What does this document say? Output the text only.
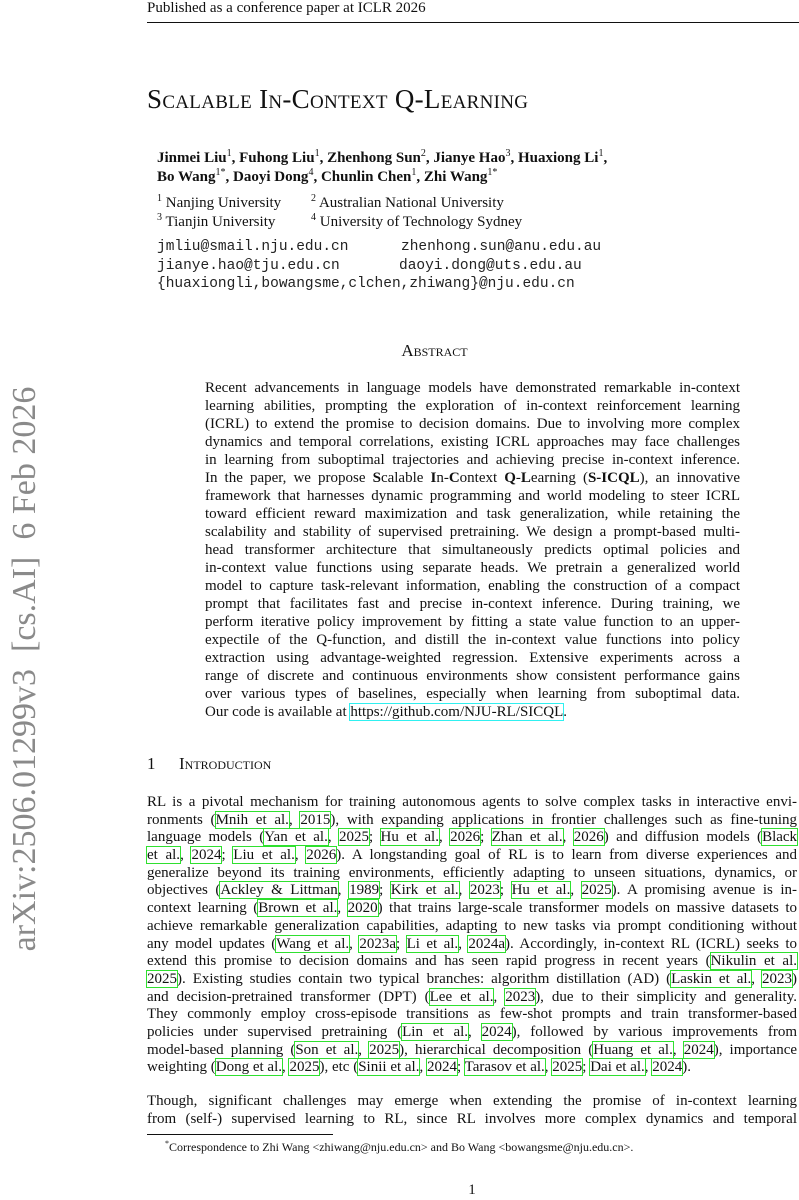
arXiv:2506.01299v3  [cs.AI]  6 Feb 2026
Published as a conference paper at ICLR 2026
Scalable In-Context Q-Learning
Jinmei Liu$^1$, Fuhong Liu$^1$, Zhenhong Sun$^2$, Jianye Hao$^3$, Huaxiong Li$^1$,
Bo Wang$^{1*}$, Daoyi Dong$^4$, Chunlin Chen$^1$, Zhi Wang$^{1*}$
$^1$ Nanjing University	$^2$ Australian National University
$^3$ Tianjin University	$^4$ University of Technology Sydney
jmliu@smail.nju.edu.cn	zhenhong.sun@anu.edu.au
jianye.hao@tju.edu.cn	daoyi.dong@uts.edu.au
{huaxiongli,bowangsme,clchen,zhiwang}@nju.edu.cn
Abstract
Recent advancements in language models have demonstrated remarkable in-context
learning abilities, prompting the exploration of in-context reinforcement learning
(ICRL) to extend the promise to decision domains. Due to involving more complex
dynamics and temporal correlations, existing ICRL approaches may face challenges
in learning from suboptimal trajectories and achieving precise in-context inference.
In the paper, we propose Scalable In-Context Q-Learning (S-ICQL), an innovative
framework that harnesses dynamic programming and world modeling to steer ICRL
toward efficient reward maximization and task generalization, while retaining the
scalability and stability of supervised pretraining. We design a prompt-based multi-
head transformer architecture that simultaneously predicts optimal policies and
in-context value functions using separate heads. We pretrain a generalized world
model to capture task-relevant information, enabling the construction of a compact
prompt that facilitates fast and precise in-context inference. During training, we
perform iterative policy improvement by fitting a state value function to an upper-
expectile of the Q-function, and distill the in-context value functions into policy
extraction using advantage-weighted regression. Extensive experiments across a
range of discrete and continuous environments show consistent performance gains
over various types of baselines, especially when learning from suboptimal data.
Our code is available at https://github.com/NJU-RL/SICQL.
1 Introduction
RL is a pivotal mechanism for training autonomous agents to solve complex tasks in interactive envi-
ronments (Mnih et al., 2015), with expanding applications in frontier challenges such as fine-tuning
language models (Yan et al., 2025; Hu et al., 2026; Zhan et al., 2026) and diffusion models (Black
et al., 2024; Liu et al., 2026). A longstanding goal of RL is to learn from diverse experiences and
generalize beyond its training environments, efficiently adapting to unseen situations, dynamics, or
objectives (Ackley & Littman, 1989; Kirk et al., 2023; Hu et al., 2025). A promising avenue is in-
context learning (Brown et al., 2020) that trains large-scale transformer models on massive datasets to
achieve remarkable generalization capabilities, adapting to new tasks via prompt conditioning without
any model updates (Wang et al., 2023a; Li et al., 2024a). Accordingly, in-context RL (ICRL) seeks to
extend this promise to decision domains and has seen rapid progress in recent years (Nikulin et al.
2025). Existing studies contain two typical branches: algorithm distillation (AD) (Laskin et al., 2023)
and decision-pretrained transformer (DPT) (Lee et al., 2023), due to their simplicity and generality.
They commonly employ cross-episode transitions as few-shot prompts and train transformer-based
policies under supervised pretraining (Lin et al., 2024), followed by various improvements from
model-based planning (Son et al., 2025), hierarchical decomposition (Huang et al., 2024), importance
weighting (Dong et al., 2025), etc (Sinii et al., 2024; Tarasov et al., 2025; Dai et al., 2024).
Though, significant challenges may emerge when extending the promise of in-context learning
from (self-) supervised learning to RL, since RL involves more complex dynamics and temporal
*Correspondence to Zhi Wang <zhiwang@nju.edu.cn> and Bo Wang <bowangsme@nju.edu.cn>.
1
